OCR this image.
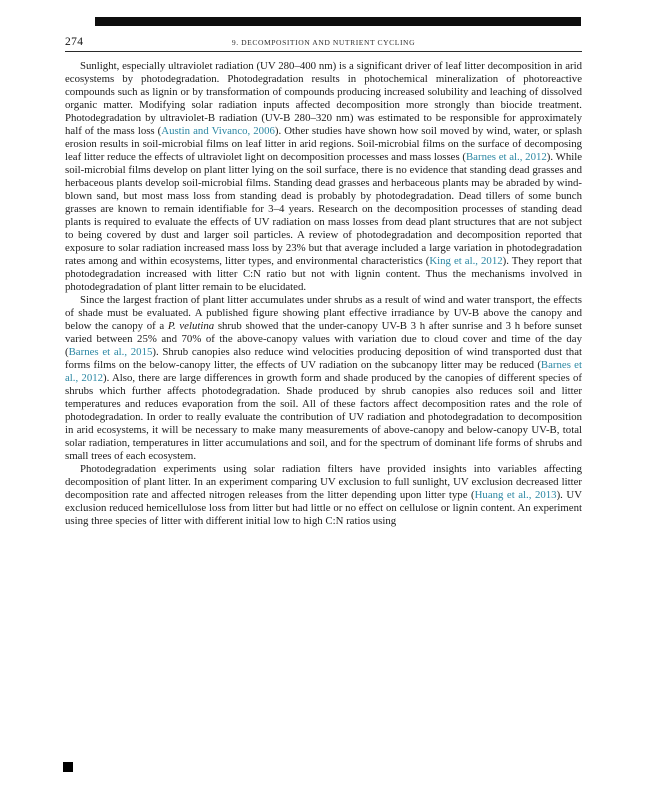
274	9. DECOMPOSITION AND NUTRIENT CYCLING

Sunlight, especially ultraviolet radiation (UV 280–400 nm) is a significant driver of leaf litter decomposition in arid ecosystems by photodegradation. Photodegradation results in photochemical mineralization of photoreactive compounds such as lignin or by transformation of compounds producing increased solubility and leaching of dissolved organic matter. Modifying solar radiation inputs affected decomposition more strongly than biocide treatment. Photodegradation by ultraviolet-B radiation (UV-B 280–320 nm) was estimated to be responsible for approximately half of the mass loss (Austin and Vivanco, 2006). Other studies have shown how soil moved by wind, water, or splash erosion results in soil-microbial films on leaf litter in arid regions. Soil-microbial films on the surface of decomposing leaf litter reduce the effects of ultraviolet light on decomposition processes and mass losses (Barnes et al., 2012). While soil-microbial films develop on plant litter lying on the soil surface, there is no evidence that standing dead grasses and herbaceous plants develop soil-microbial films. Standing dead grasses and herbaceous plants may be abraded by wind-blown sand, but most mass loss from standing dead is probably by photodegradation. Dead tillers of some bunch grasses are known to remain identifiable for 3–4 years. Research on the decomposition processes of standing dead plants is required to evaluate the effects of UV radiation on mass losses from dead plant structures that are not subject to being covered by dust and larger soil particles. A review of photodegradation and decomposition reported that exposure to solar radiation increased mass loss by 23% but that average included a large variation in photodegradation rates among and within ecosystems, litter types, and environmental characteristics (King et al., 2012). They report that photodegradation increased with litter C:N ratio but not with lignin content. Thus the mechanisms involved in photodegradation of plant litter remain to be elucidated.

Since the largest fraction of plant litter accumulates under shrubs as a result of wind and water transport, the effects of shade must be evaluated. A published figure showing plant effective irradiance by UV-B above the canopy and below the canopy of a P. velutina shrub showed that the under-canopy UV-B 3 h after sunrise and 3 h before sunset varied between 25% and 70% of the above-canopy values with variation due to cloud cover and time of the day (Barnes et al., 2015). Shrub canopies also reduce wind velocities producing deposition of wind transported dust that forms films on the below-canopy litter, the effects of UV radiation on the subcanopy litter may be reduced (Barnes et al., 2012). Also, there are large differences in growth form and shade produced by the canopies of different species of shrubs which further affects photodegradation. Shade produced by shrub canopies also reduces soil and litter temperatures and reduces evaporation from the soil. All of these factors affect decomposition rates and the role of photodegradation. In order to really evaluate the contribution of UV radiation and photodegradation to decomposition in arid ecosystems, it will be necessary to make many measurements of above-canopy and below-canopy UV-B, total solar radiation, temperatures in litter accumulations and soil, and for the spectrum of dominant life forms of shrubs and small trees of each ecosystem.

Photodegradation experiments using solar radiation filters have provided insights into variables affecting decomposition of plant litter. In an experiment comparing UV exclusion to full sunlight, UV exclusion decreased litter decomposition rate and affected nitrogen releases from the litter depending upon litter type (Huang et al., 2013). UV exclusion reduced hemicellulose loss from litter but had little or no effect on cellulose or lignin content. An experiment using three species of litter with different initial low to high C:N ratios using
